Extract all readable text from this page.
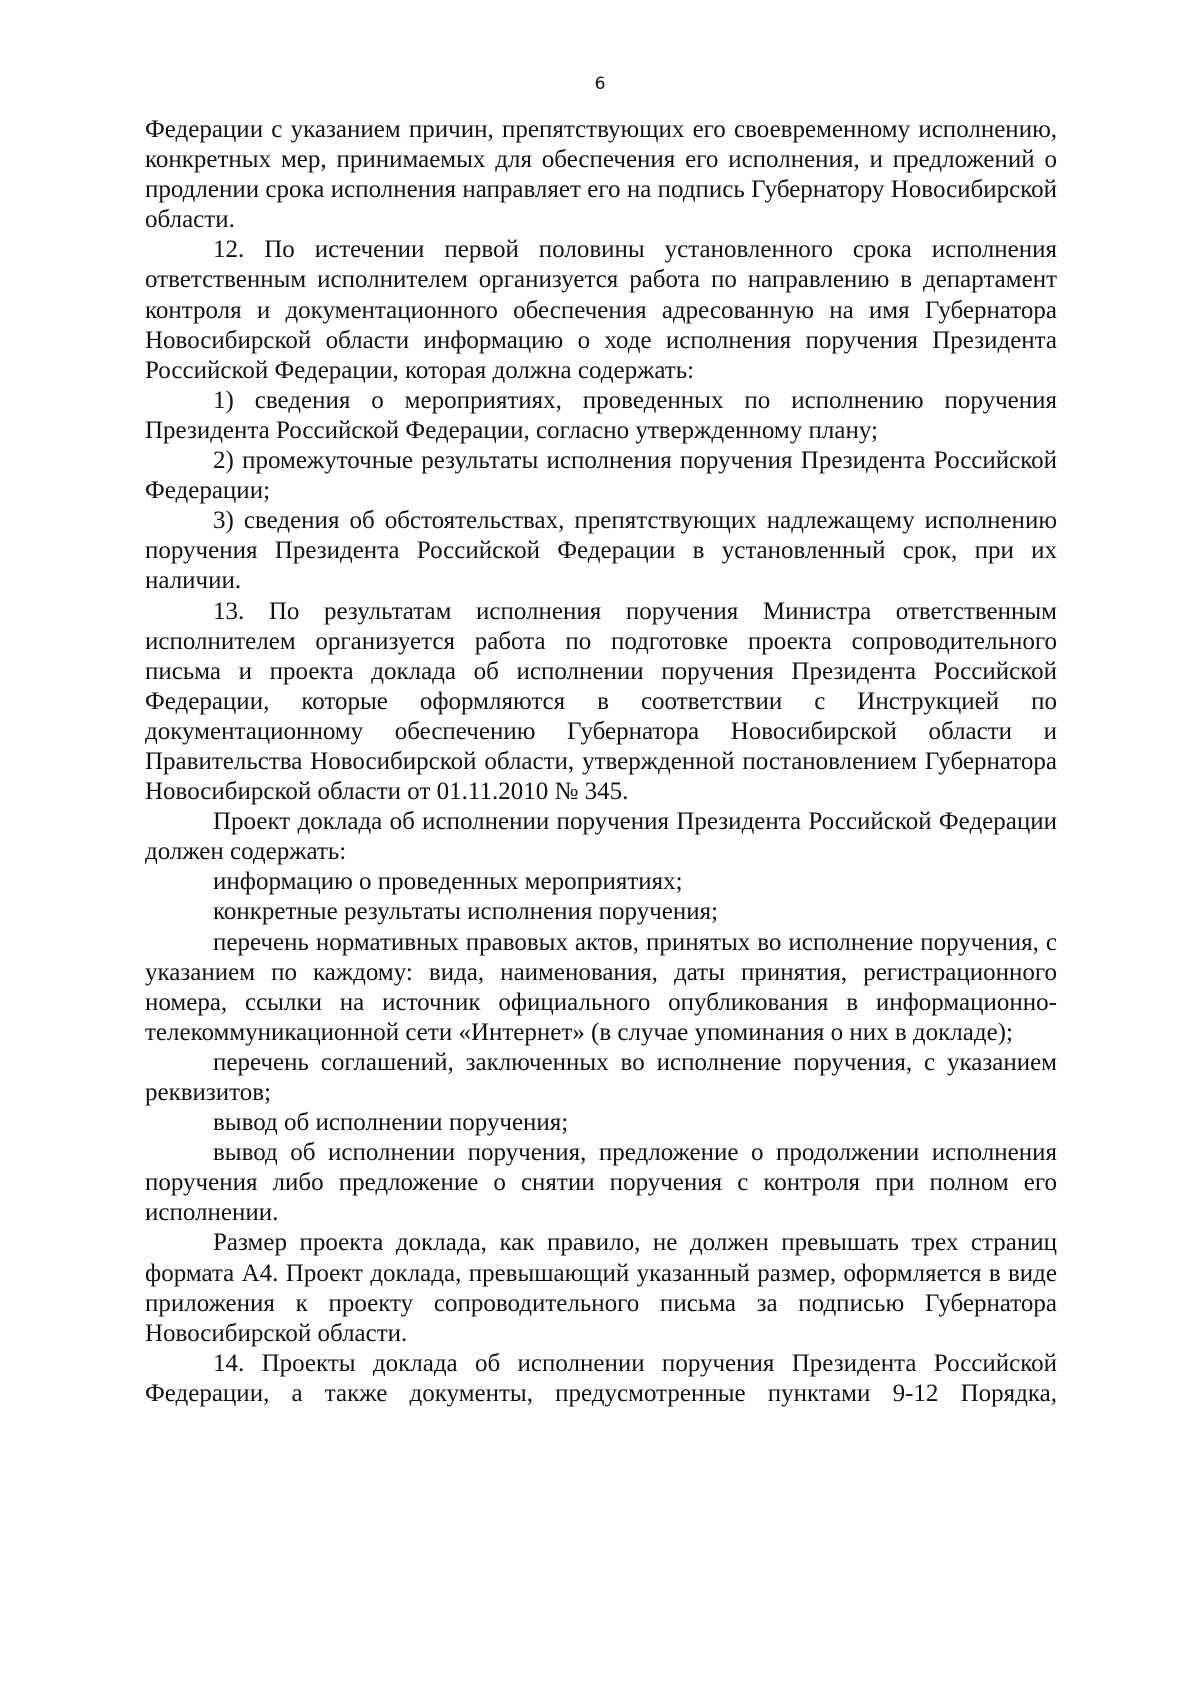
6

Федерации с указанием причин, препятствующих его своевременному исполнению, конкретных мер, принимаемых для обеспечения его исполнения, и предложений о продлении срока исполнения направляет его на подпись Губернатору Новосибирской области.

12. По истечении первой половины установленного срока исполнения ответственным исполнителем организуется работа по направлению в департамент контроля и документационного обеспечения адресованную на имя Губернатора Новосибирской области информацию о ходе исполнения поручения Президента Российской Федерации, которая должна содержать:

1) сведения о мероприятиях, проведенных по исполнению поручения Президента Российской Федерации, согласно утвержденному плану;

2) промежуточные результаты исполнения поручения Президента Российской Федерации;

3) сведения об обстоятельствах, препятствующих надлежащему исполнению поручения Президента Российской Федерации в установленный срок, при их наличии.

13. По результатам исполнения поручения Министра ответственным исполнителем организуется работа по подготовке проекта сопроводительного письма и проекта доклада об исполнении поручения Президента Российской Федерации, которые оформляются в соответствии с Инструкцией по документационному обеспечению Губернатора Новосибирской области и Правительства Новосибирской области, утвержденной постановлением Губернатора Новосибирской области от 01.11.2010 № 345.

Проект доклада об исполнении поручения Президента Российской Федерации должен содержать:

информацию о проведенных мероприятиях;

конкретные результаты исполнения поручения;

перечень нормативных правовых актов, принятых во исполнение поручения, с указанием по каждому: вида, наименования, даты принятия, регистрационного номера, ссылки на источник официального опубликования в информационно-телекоммуникационной сети «Интернет» (в случае упоминания о них в докладе);

перечень соглашений, заключенных во исполнение поручения, с указанием реквизитов;

вывод об исполнении поручения;

вывод об исполнении поручения, предложение о продолжении исполнения поручения либо предложение о снятии поручения с контроля при полном его исполнении.

Размер проекта доклада, как правило, не должен превышать трех страниц формата А4. Проект доклада, превышающий указанный размер, оформляется в виде приложения к проекту сопроводительного письма за подписью Губернатора Новосибирской области.

14. Проекты доклада об исполнении поручения Президента Российской Федерации, а также документы, предусмотренные пунктами 9-12 Порядка,
